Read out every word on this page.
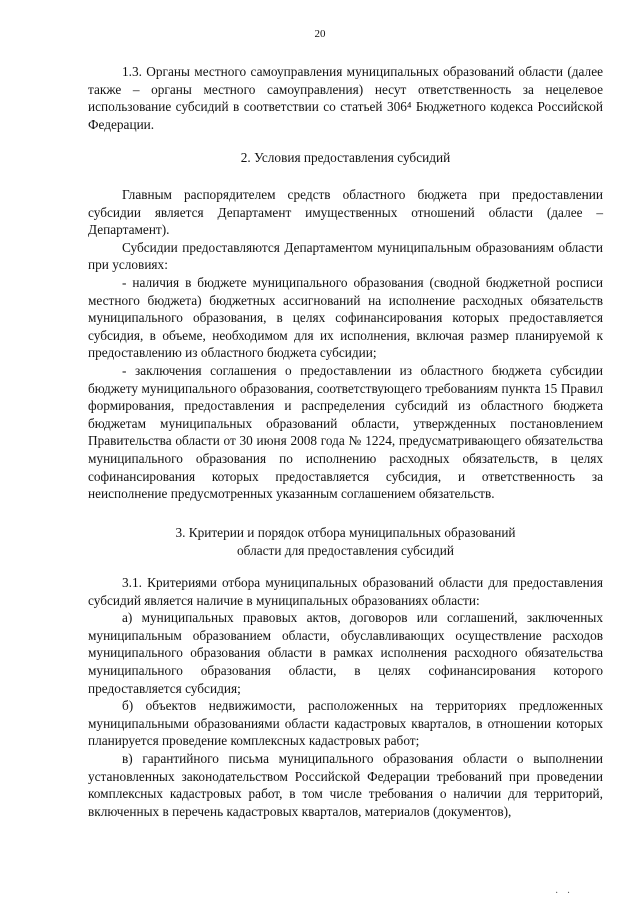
20

1.3. Органы местного самоуправления муниципальных образований области (далее также – органы местного самоуправления) несут ответственность за нецелевое использование субсидий в соответствии со статьей 306⁴ Бюджетного кодекса Российской Федерации.

2. Условия предоставления субсидий

Главным распорядителем средств областного бюджета при предоставлении субсидии является Департамент имущественных отношений области (далее – Департамент).

Субсидии предоставляются Департаментом муниципальным образованиям области при условиях:

- наличия в бюджете муниципального образования (сводной бюджетной росписи местного бюджета) бюджетных ассигнований на исполнение расходных обязательств муниципального образования, в целях софинансирования которых предоставляется субсидия, в объеме, необходимом для их исполнения, включая размер планируемой к предоставлению из областного бюджета субсидии;

- заключения соглашения о предоставлении из областного бюджета субсидии бюджету муниципального образования, соответствующего требованиям пункта 15 Правил формирования, предоставления и распределения субсидий из областного бюджета бюджетам муниципальных образований области, утвержденных постановлением Правительства области от 30 июня 2008 года № 1224, предусматривающего обязательства муниципального образования по исполнению расходных обязательств, в целях софинансирования которых предоставляется субсидия, и ответственность за неисполнение предусмотренных указанным соглашением обязательств.

3. Критерии и порядок отбора муниципальных образований

области для предоставления субсидий

3.1. Критериями отбора муниципальных образований области для предоставления субсидий является наличие в муниципальных образованиях области:

а) муниципальных правовых актов, договоров или соглашений, заключенных муниципальным образованием области, обуславливающих осуществление расходов муниципального образования области в рамках исполнения расходного обязательства муниципального образования области, в целях софинансирования которого предоставляется субсидия;

б) объектов недвижимости, расположенных на территориях предложенных муниципальными образованиями области кадастровых кварталов, в отношении которых планируется проведение комплексных кадастровых работ;

в) гарантийного письма муниципального образования области о выполнении установленных законодательством Российской Федерации требований при проведении комплексных кадастровых работ, в том числе требования о наличии для территорий, включенных в перечень кадастровых кварталов, материалов (документов),

· ·
